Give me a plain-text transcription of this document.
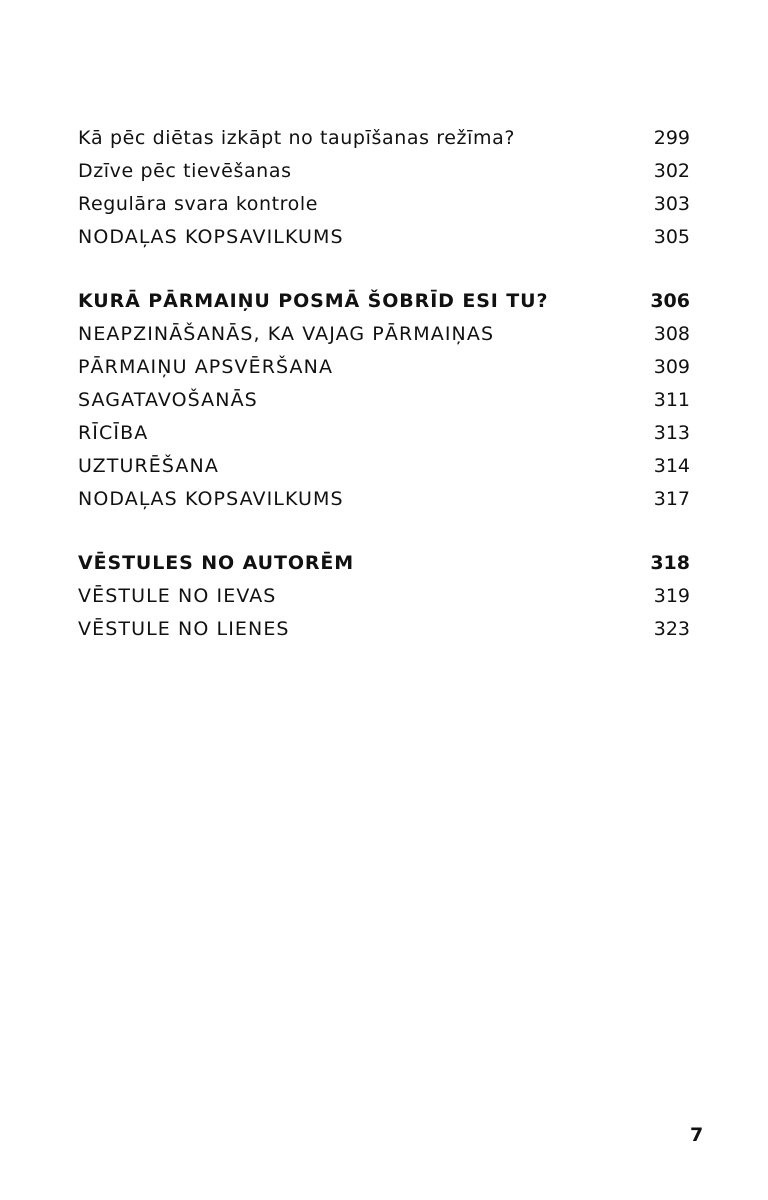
Kā pēc diētas izkāpt no taupīšanas režīma?	299
Dzīve pēc tievēšanas	302
Regulāra svara kontrole	303
NODAĻAS KOPSAVILKUMS	305
KURĀ PĀRMAIŅU POSMĀ ŠOBRĪD ESI TU?	306
NEAPZINĀŠANĀS, KA VAJAG PĀRMAIŅAS	308
PĀRMAIŅU APSVĒRŠANA	309
SAGATAVOŠANĀS	311
RĪCĪBA	313
UZTURĒŠANA	314
NODAĻAS KOPSAVILKUMS	317
VĒSTULES NO AUTORĒM	318
VĒSTULE NO IEVAS	319
VĒSTULE NO LIENES	323
7
